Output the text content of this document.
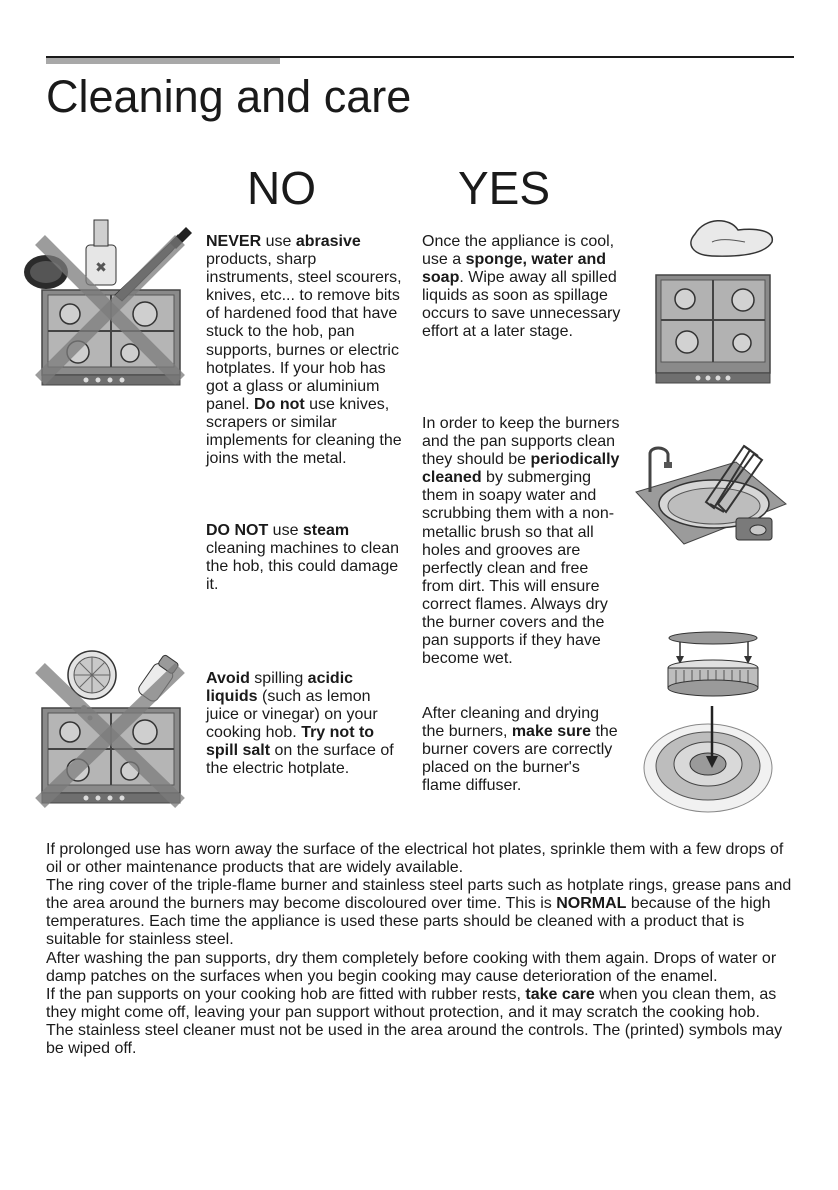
Cleaning and care
NO	YES

NEVER use abrasive products, sharp instruments, steel scourers, knives, etc... to remove bits of hardened food that have stuck to the hob, pan supports, burnes or electric hotplates. If your hob has got a glass or aluminium panel. Do not use knives, scrapers or similar implements for cleaning the joins with the metal.

DO NOT use steam cleaning machines to clean the hob, this could damage it.

Avoid spilling acidic liquids (such as lemon juice or vinegar) on your cooking hob. Try not to spill salt on the surface of the electric hotplate.

Once the appliance is cool, use a sponge, water and soap. Wipe away all spilled liquids as soon as spillage occurs to save unnecessary effort at a later stage.

In order to keep the burners and the pan supports clean they should be periodically cleaned by submerging them in soapy water and scrubbing them with a non-metallic brush so that all holes and grooves are perfectly clean and free from dirt. This will ensure correct flames. Always dry the burner covers and the pan supports if they have become wet.

After cleaning and drying the burners, make sure the burner covers are correctly placed on the burner's flame diffuser.

✖

If prolonged use has worn away the surface of the electrical hot plates, sprinkle them with a few drops of oil or other maintenance products that are widely available.

The ring cover of the triple-flame burner and stainless steel parts such as hotplate rings, grease pans and the area around the burners may become discoloured over time. This is NORMAL because of the high temperatures. Each time the appliance is used these parts should be cleaned with a product that is suitable for stainless steel.

After washing the pan supports, dry them completely before cooking with them again. Drops of water or damp patches on the surfaces when you begin cooking may cause deterioration of the enamel.

If the pan supports on your cooking hob are fitted with rubber rests, take care when you clean them, as they might come off, leaving your pan support without protection, and it may scratch the cooking hob.

The stainless steel cleaner must not be used in the area around the controls. The (printed) symbols may be wiped off.
